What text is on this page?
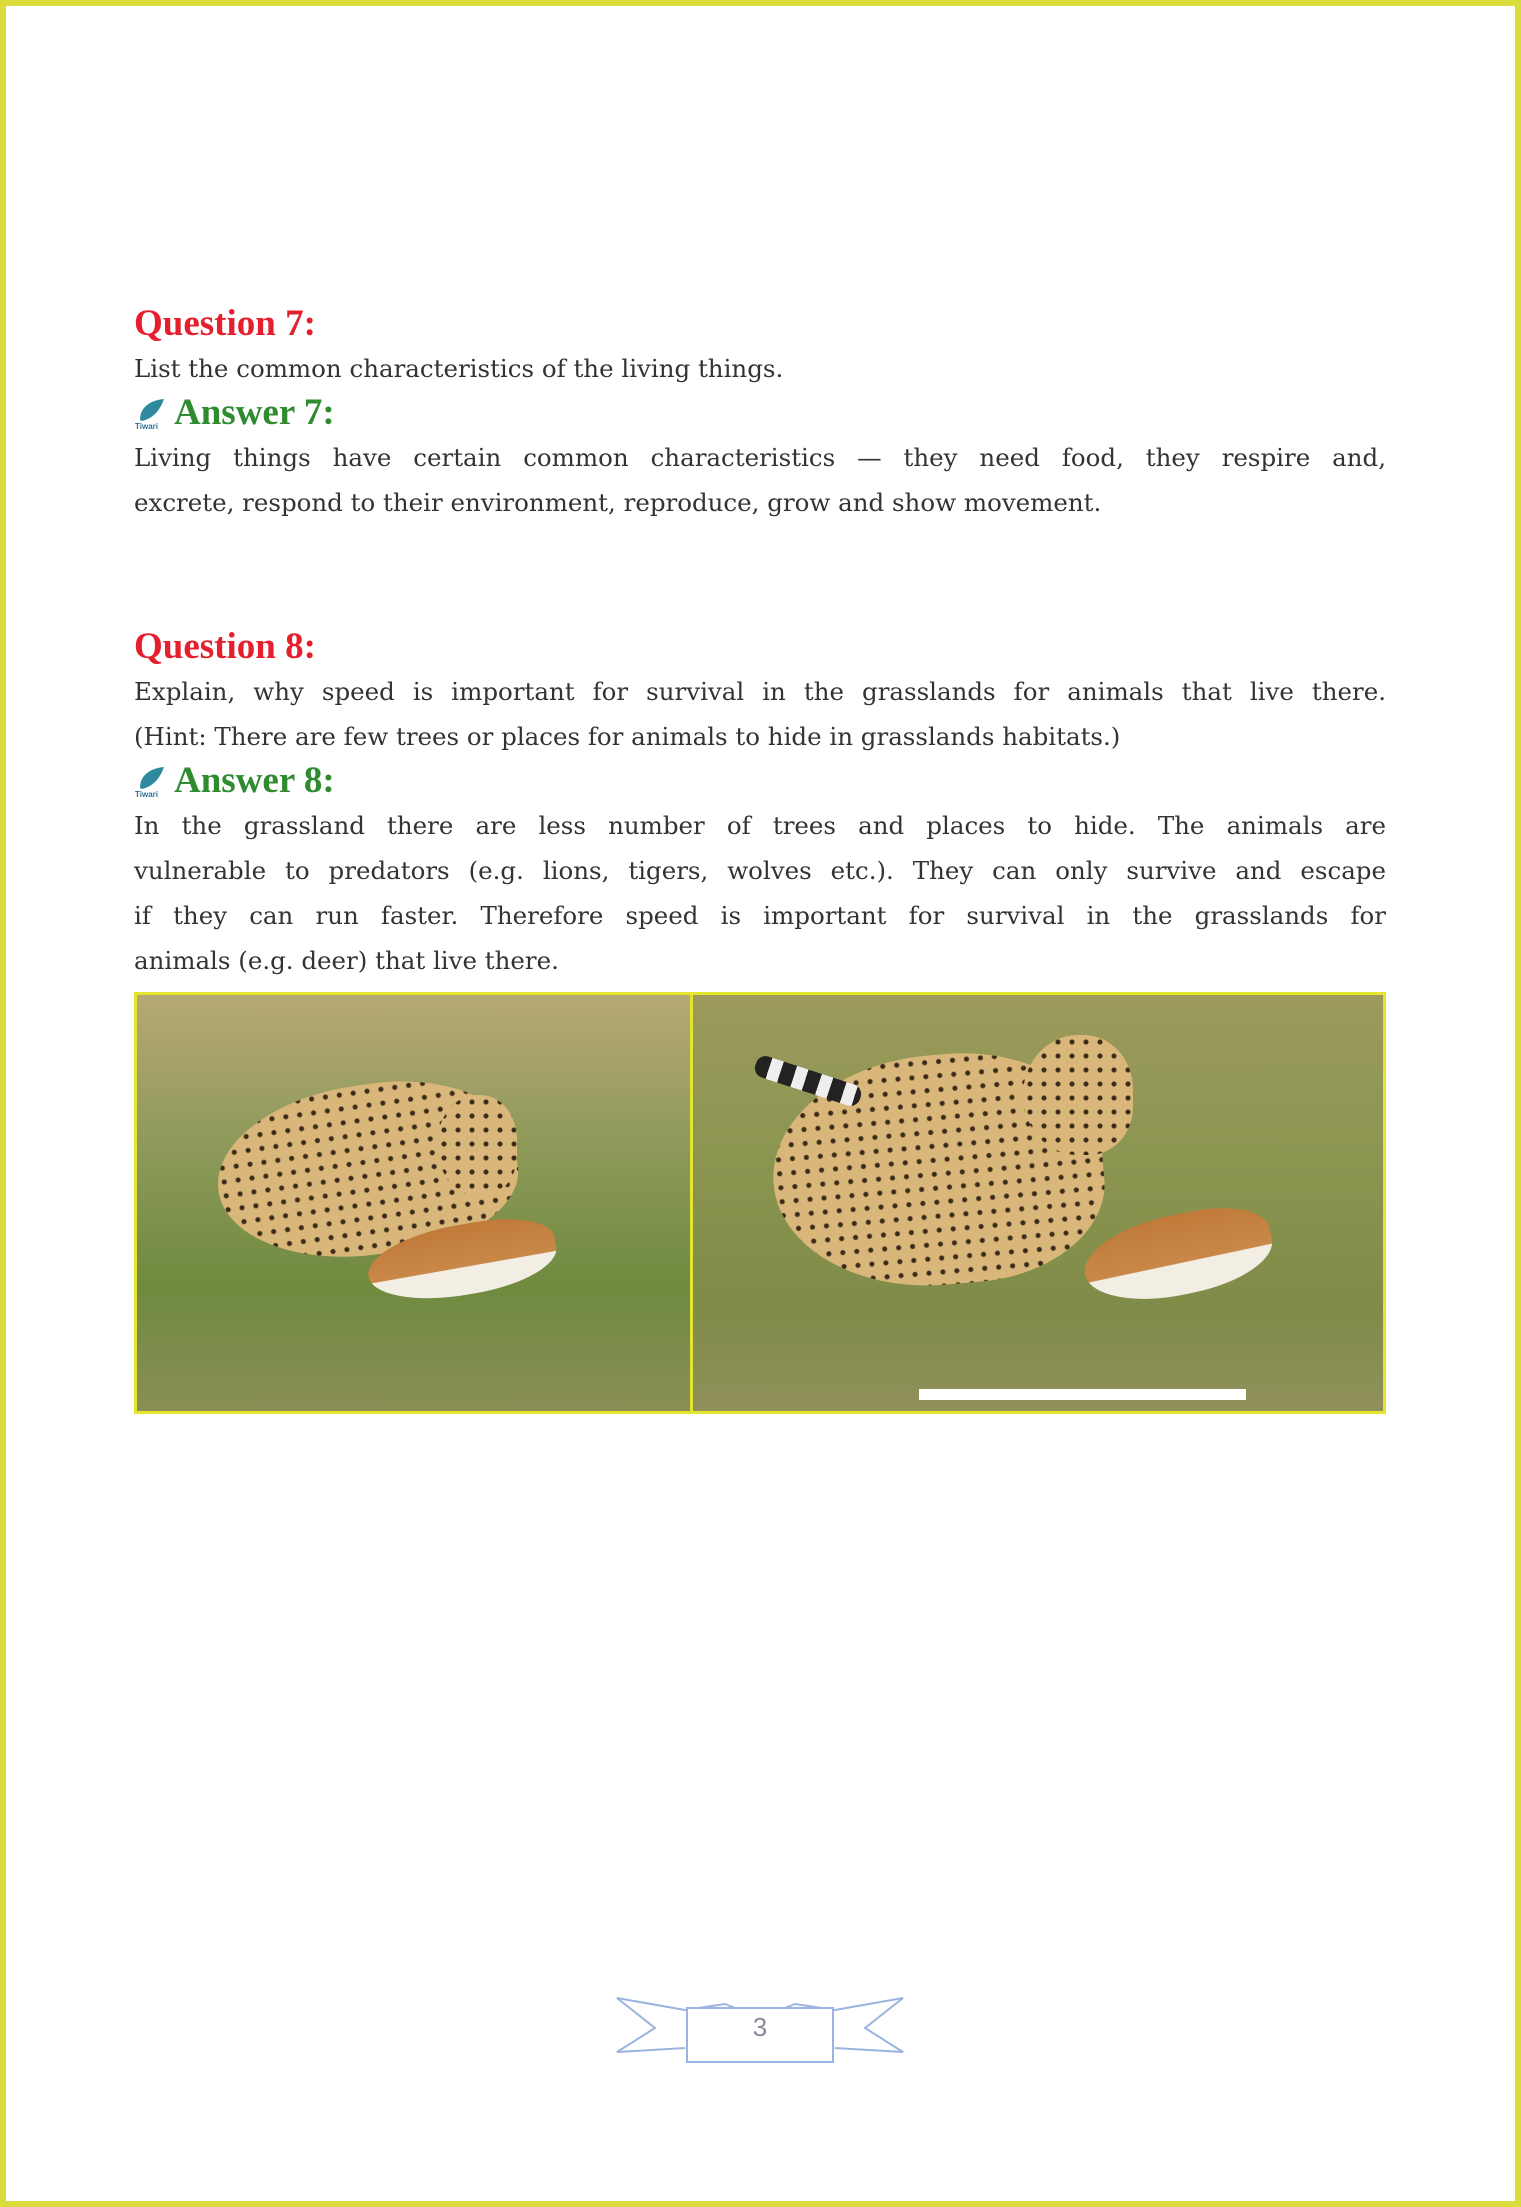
Question 7:
List the common characteristics of the living things.
Tiwari Answer 7:
Living things have certain common characteristics — they need food, they respire and,
excrete, respond to their environment, reproduce, grow and show movement.
Question 8:
Explain, why speed is important for survival in the grasslands for animals that live there.
(Hint: There are few trees or places for animals to hide in grasslands habitats.)
Tiwari Answer 8:
In the grassland there are less number of trees and places to hide. The animals are
vulnerable to predators (e.g. lions, tigers, wolves etc.). They can only survive and escape
if they can run faster. Therefore speed is important for survival in the grasslands for
animals (e.g. deer) that live there.
3
